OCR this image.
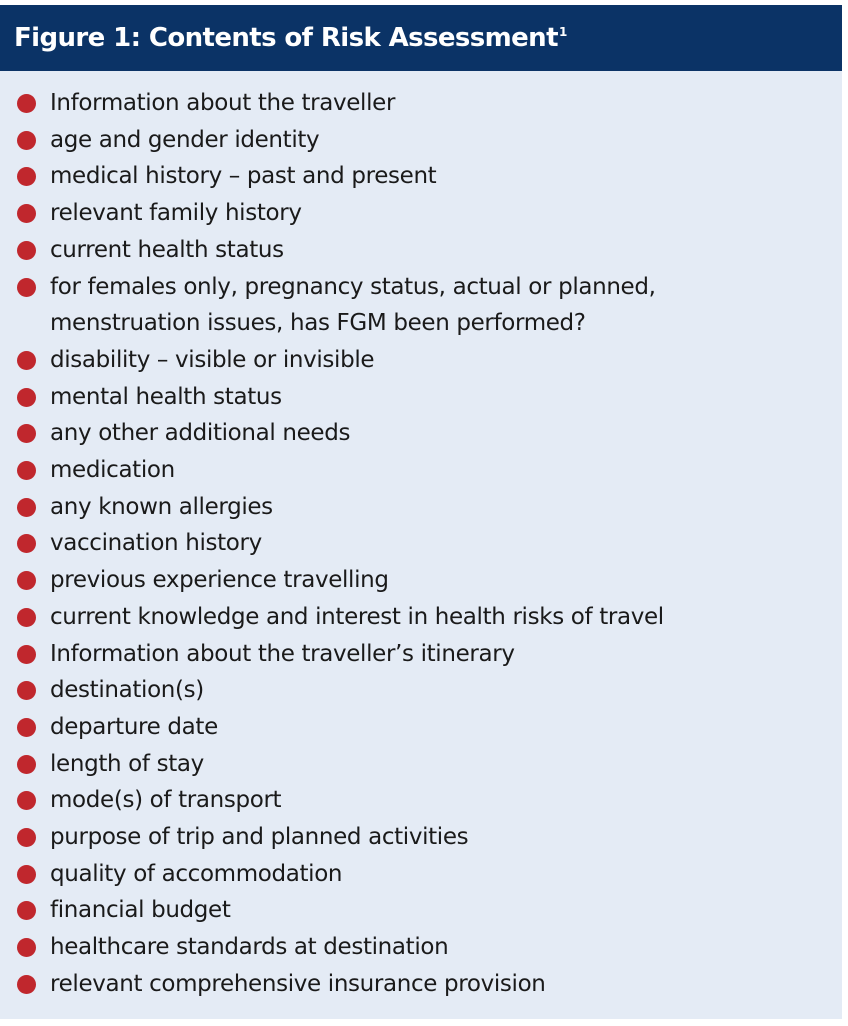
Figure 1: Contents of Risk Assessment$^1$
Information about the traveller
age and gender identity
medical history – past and present
relevant family history
current health status
for females only, pregnancy status, actual or planned,
menstruation issues, has FGM been performed?
disability – visible or invisible
mental health status
any other additional needs
medication
any known allergies
vaccination history
previous experience travelling
current knowledge and interest in health risks of travel
Information about the traveller’s itinerary
destination(s)
departure date
length of stay
mode(s) of transport
purpose of trip and planned activities
quality of accommodation
financial budget
healthcare standards at destination
relevant comprehensive insurance provision
